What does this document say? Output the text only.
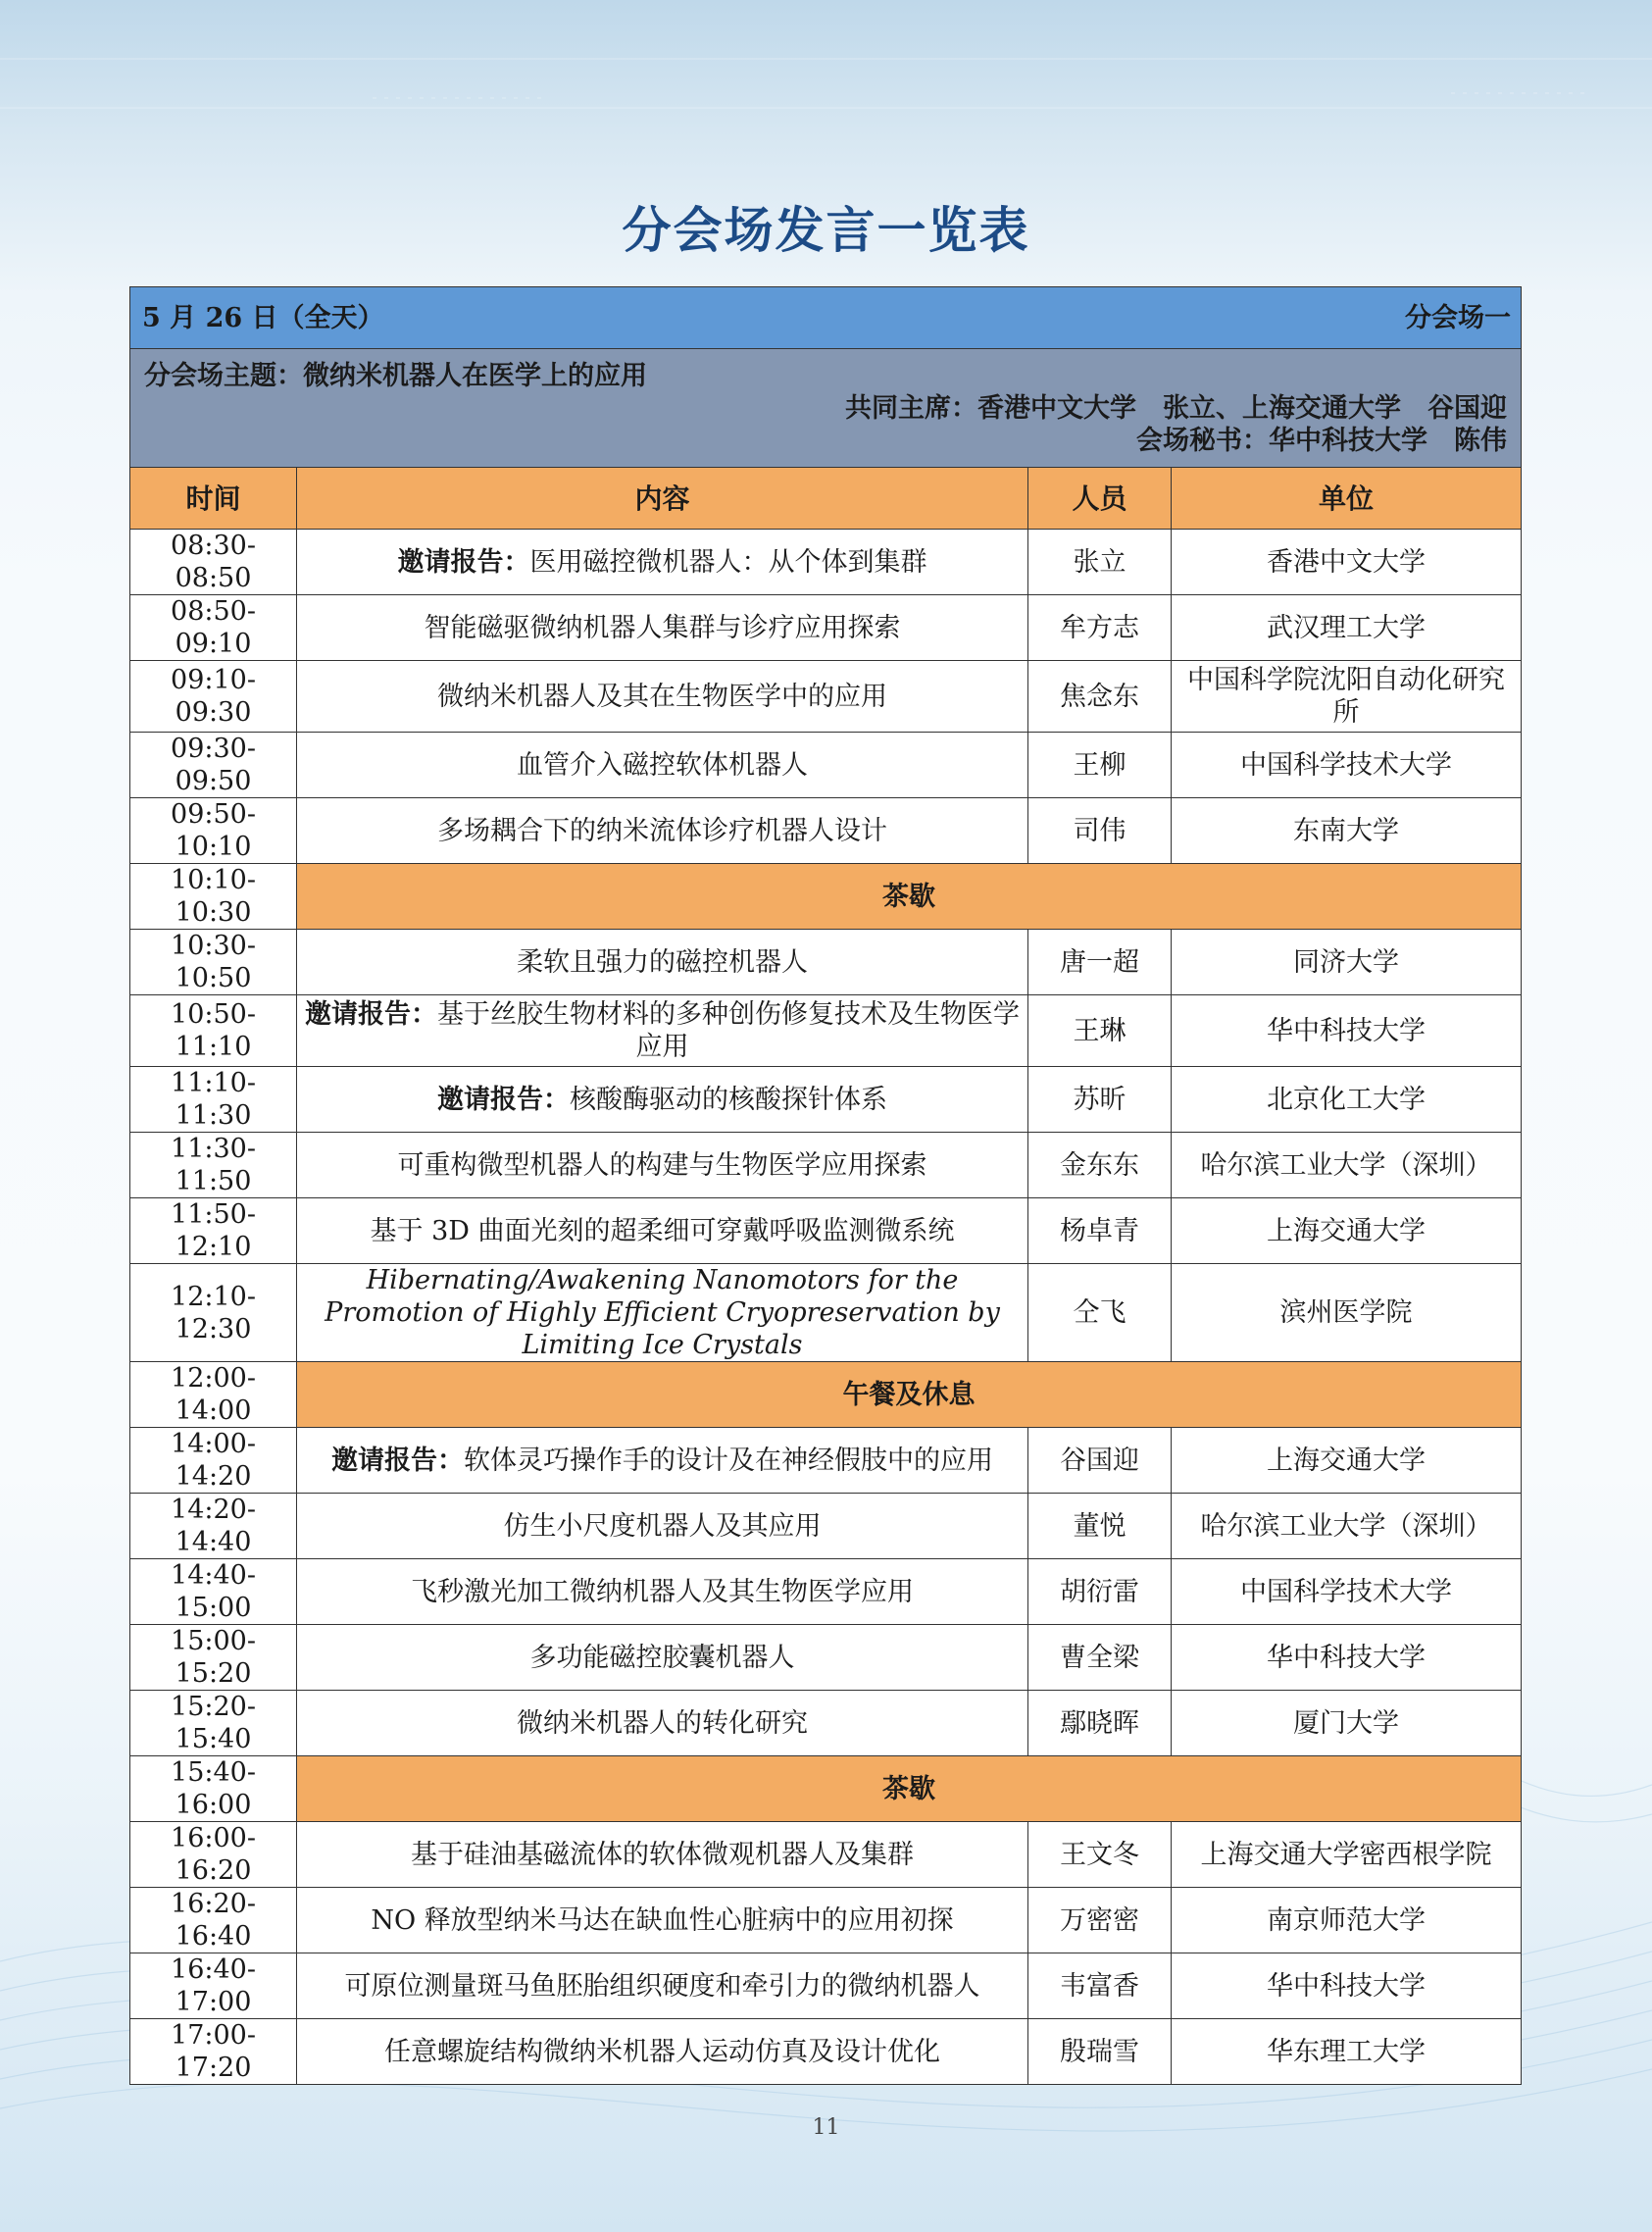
分会场发言一览表
5 月 26 日（全天） 分会场一			

分会场主题：微纳米机器人在医学上的应用
共同主席：香港中文大学　张立、上海交通大学　谷国迎
会场秘书：华中科技大学　陈伟			

时间	内容	人员	单位
08:30-08:50	邀请报告：医用磁控微机器人：从个体到集群	张立	香港中文大学
08:50-09:10	智能磁驱微纳机器人集群与诊疗应用探索	牟方志	武汉理工大学
09:10-09:30	微纳米机器人及其在生物医学中的应用	焦念东	中国科学院沈阳自动化研究所
09:30-09:50	血管介入磁控软体机器人	王柳	中国科学技术大学
09:50-10:10	多场耦合下的纳米流体诊疗机器人设计	司伟	东南大学
10:10-10:30	茶歇		
10:30-10:50	柔软且强力的磁控机器人	唐一超	同济大学
10:50-11:10	邀请报告：基于丝胶生物材料的多种创伤修复技术及生物医学应用	王琳	华中科技大学
11:10-11:30	邀请报告：核酸酶驱动的核酸探针体系	苏昕	北京化工大学
11:30-11:50	可重构微型机器人的构建与生物医学应用探索	金东东	哈尔滨工业大学（深圳）
11:50-12:10	基于 3D 曲面光刻的超柔细可穿戴呼吸监测微系统	杨卓青	上海交通大学
12:10-12:30	Hibernating/Awakening Nanomotors for the Promotion of Highly Efficient Cryopreservation by Limiting Ice Crystals	仝飞	滨州医学院
12:00-14:00	午餐及休息		
14:00-14:20	邀请报告：软体灵巧操作手的设计及在神经假肢中的应用	谷国迎	上海交通大学
14:20-14:40	仿生小尺度机器人及其应用	董悦	哈尔滨工业大学（深圳）
14:40-15:00	飞秒激光加工微纳机器人及其生物医学应用	胡衍雷	中国科学技术大学
15:00-15:20	多功能磁控胶囊机器人	曹全梁	华中科技大学
15:20-15:40	微纳米机器人的转化研究	鄢晓晖	厦门大学
15:40-16:00	茶歇		
16:00-16:20	基于硅油基磁流体的软体微观机器人及集群	王文冬	上海交通大学密西根学院
16:20-16:40	NO 释放型纳米马达在缺血性心脏病中的应用初探	万密密	南京师范大学
16:40-17:00	可原位测量斑马鱼胚胎组织硬度和牵引力的微纳机器人	韦富香	华中科技大学
17:00-17:20	任意螺旋结构微纳米机器人运动仿真及设计优化	殷瑞雪	华东理工大学
11
